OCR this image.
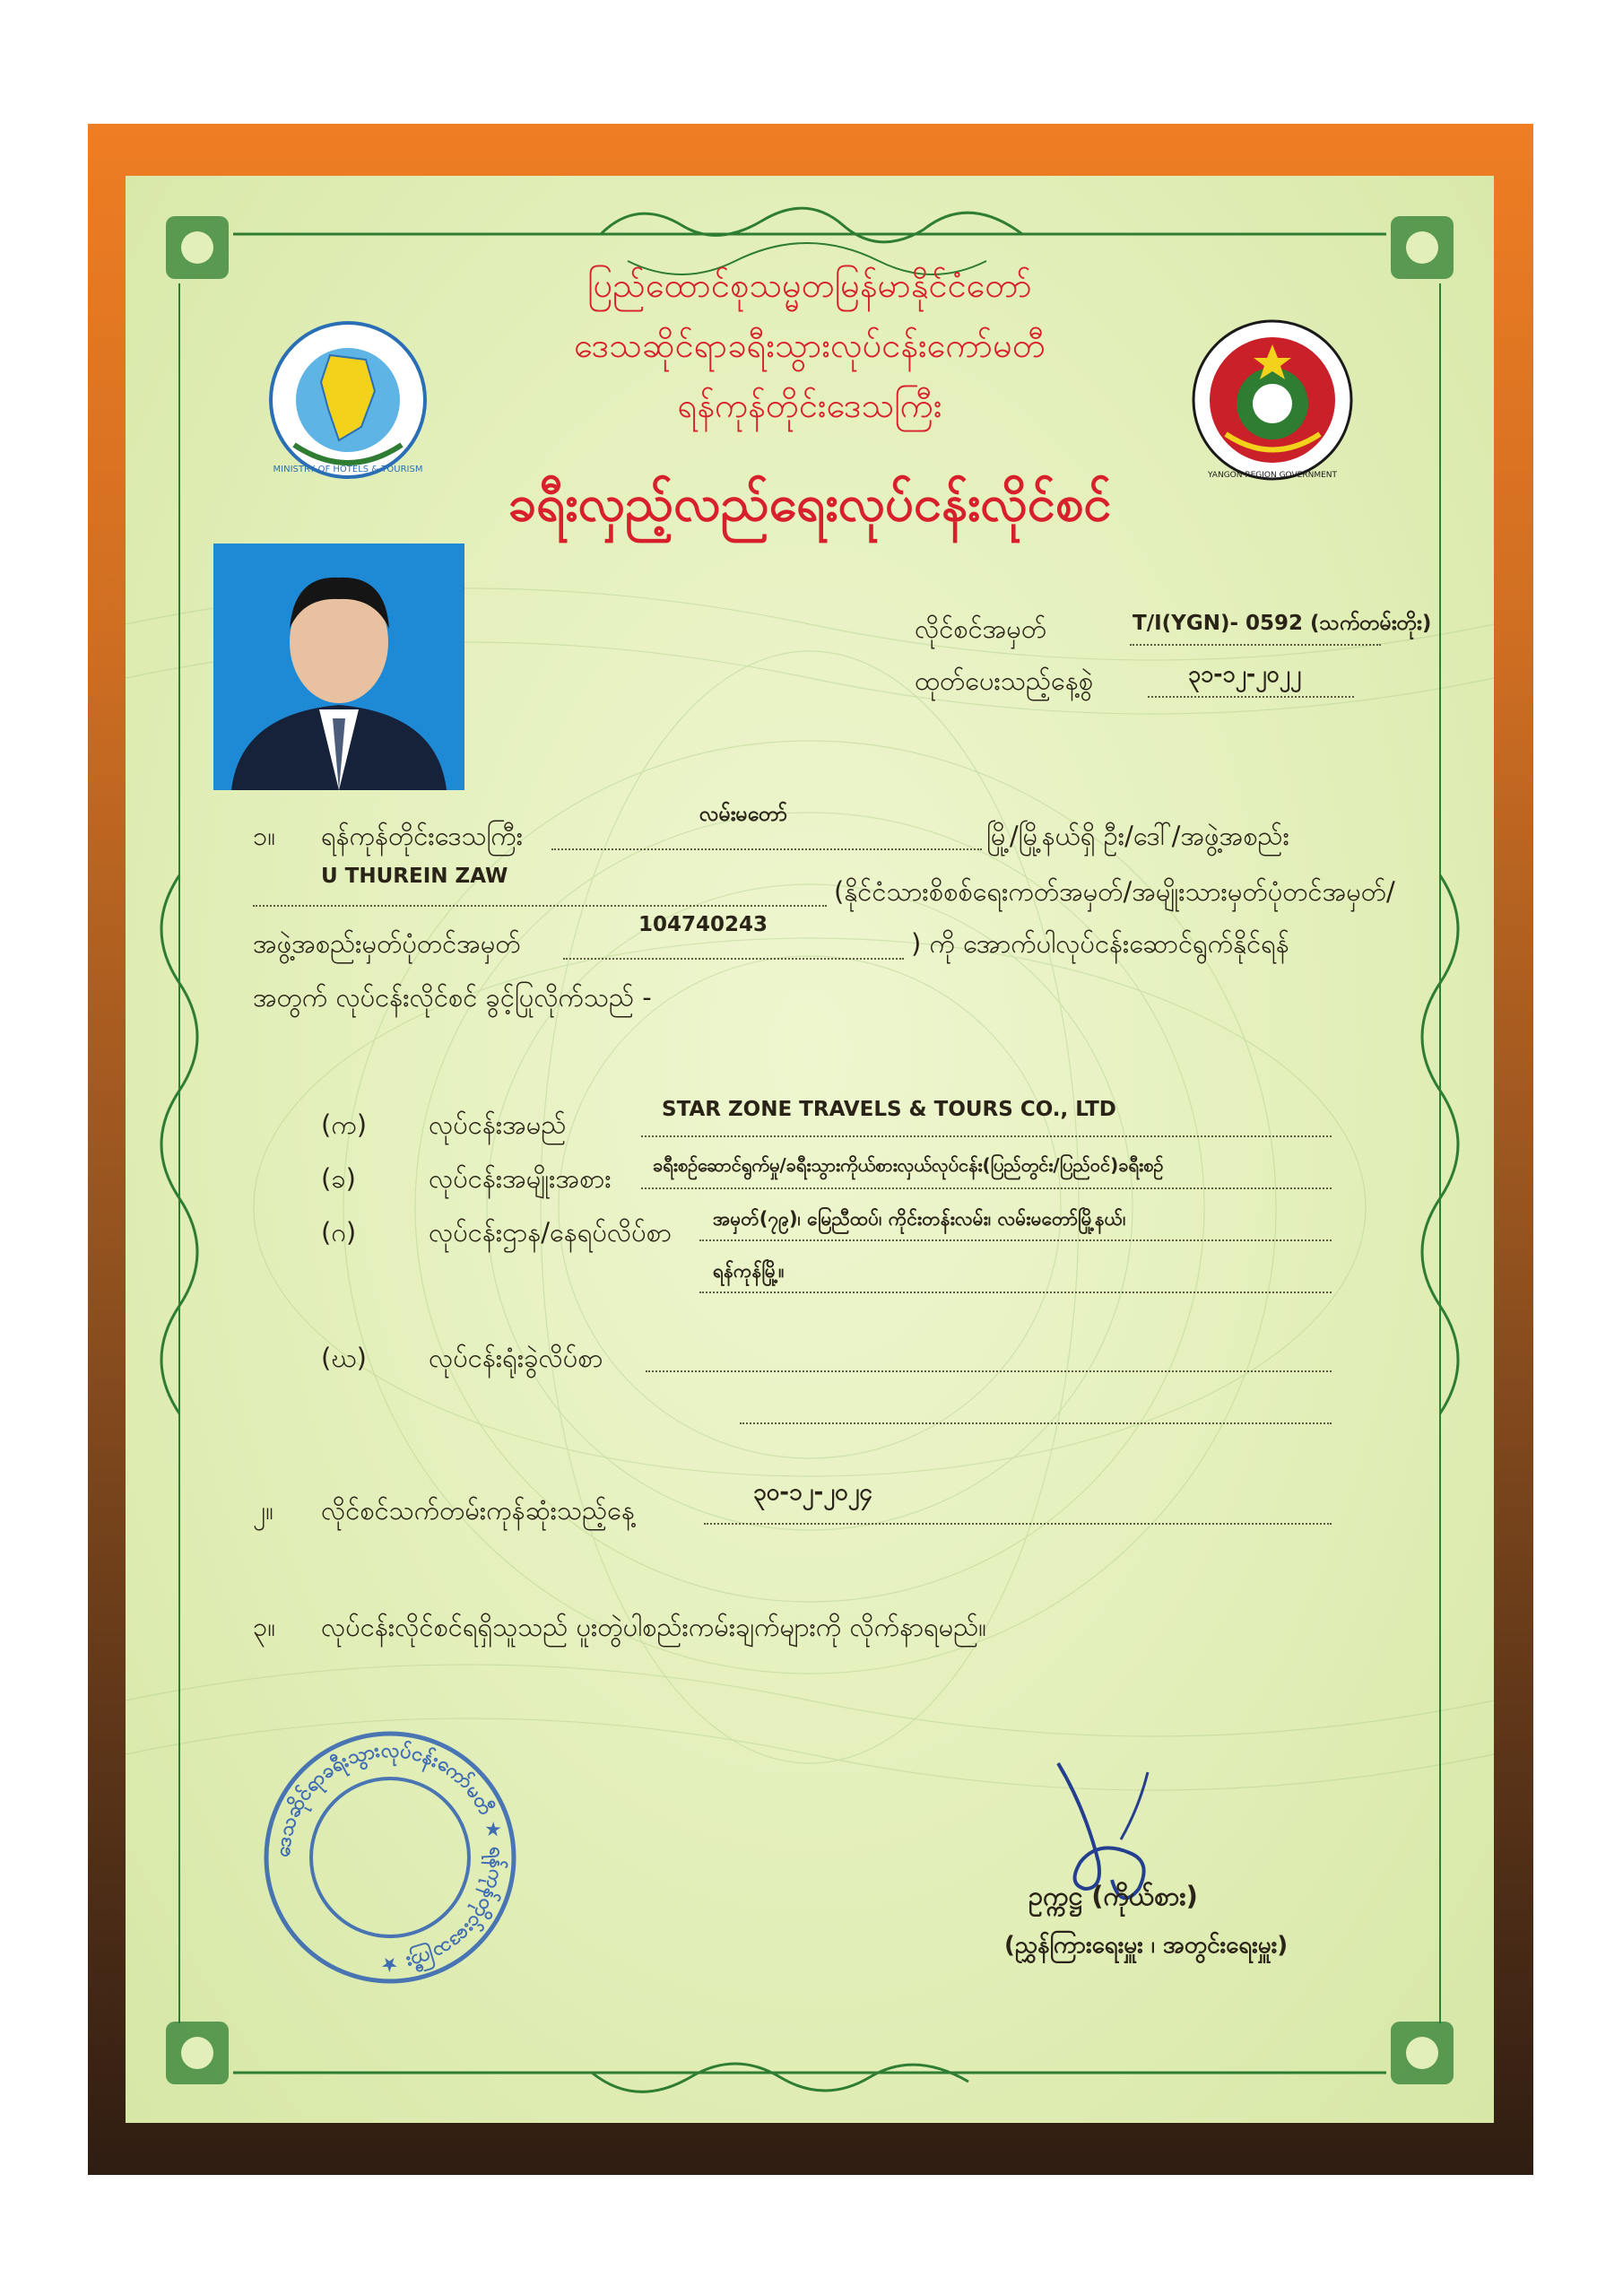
MINISTRY OF HOTELS & TOURISM
YANGON REGION GOVERNMENT
ပြည်ထောင်စုသမ္မတမြန်မာနိုင်ငံတော်
ဒေသဆိုင်ရာခရီးသွားလုပ်ငန်းကော်မတီ
ရန်ကုန်တိုင်းဒေသကြီး
ခရီးလှည့်လည်ရေးလုပ်ငန်းလိုင်စင်
လိုင်စင်အမှတ်	T/I(YGN)- 0592 (သက်တမ်းတိုး)
ထုတ်ပေးသည့်နေ့စွဲ	၃၁-၁၂-၂၀၂၂
၁။ ရန်ကုန်တိုင်းဒေသကြီး
လမ်းမတော်
မြို့/မြို့နယ်ရှိ ဦး/ဒေါ်/အဖွဲ့အစည်း
U THUREIN ZAW	(နိုင်ငံသားစိစစ်ရေးကတ်အမှတ်/အမျိုးသားမှတ်ပုံတင်အမှတ်/
အဖွဲ့အစည်းမှတ်ပုံတင်အမှတ်
104740243
) ကို အောက်ပါလုပ်ငန်းဆောင်ရွက်နိုင်ရန်
အတွက် လုပ်ငန်းလိုင်စင် ခွင့်ပြုလိုက်သည် -
(က) လုပ်ငန်းအမည်	STAR ZONE TRAVELS & TOURS CO., LTD
(ခ)	လုပ်ငန်းအမျိုးအစား ခရီးစဉ်ဆောင်ရွက်မှု/ခရီးသွားကိုယ်စားလှယ်လုပ်ငန်း(ပြည်တွင်း/ပြည်ဝင်)ခရီးစဉ်
(ဂ)	လုပ်ငန်းဌာန/နေရပ်လိပ်စာ အမှတ်(၇၉)၊ မြေညီထပ်၊ ကိုင်းတန်းလမ်း၊ လမ်းမတော်မြို့နယ်၊
ရန်ကုန်မြို့။
(ဃ) လုပ်ငန်းရုံးခွဲလိပ်စာ
၂။ လိုင်စင်သက်တမ်းကုန်ဆုံးသည့်နေ့
၃၀-၁၂-၂၀၂၄
၃။ လုပ်ငန်းလိုင်စင်ရရှိသူသည် ပူးတွဲပါစည်းကမ်းချက်များကို လိုက်နာရမည်။
ဒေသဆိုင်ရာခရီးသွားလုပ်ငန်းကော်မတီ ★ ရန်ကုန်တိုင်းဒေသကြီး ★
ဥက္ကဋ္ဌ (ကိုယ်စား)
(ညွှန်ကြားရေးမှူး ၊ အတွင်းရေးမှူး)
